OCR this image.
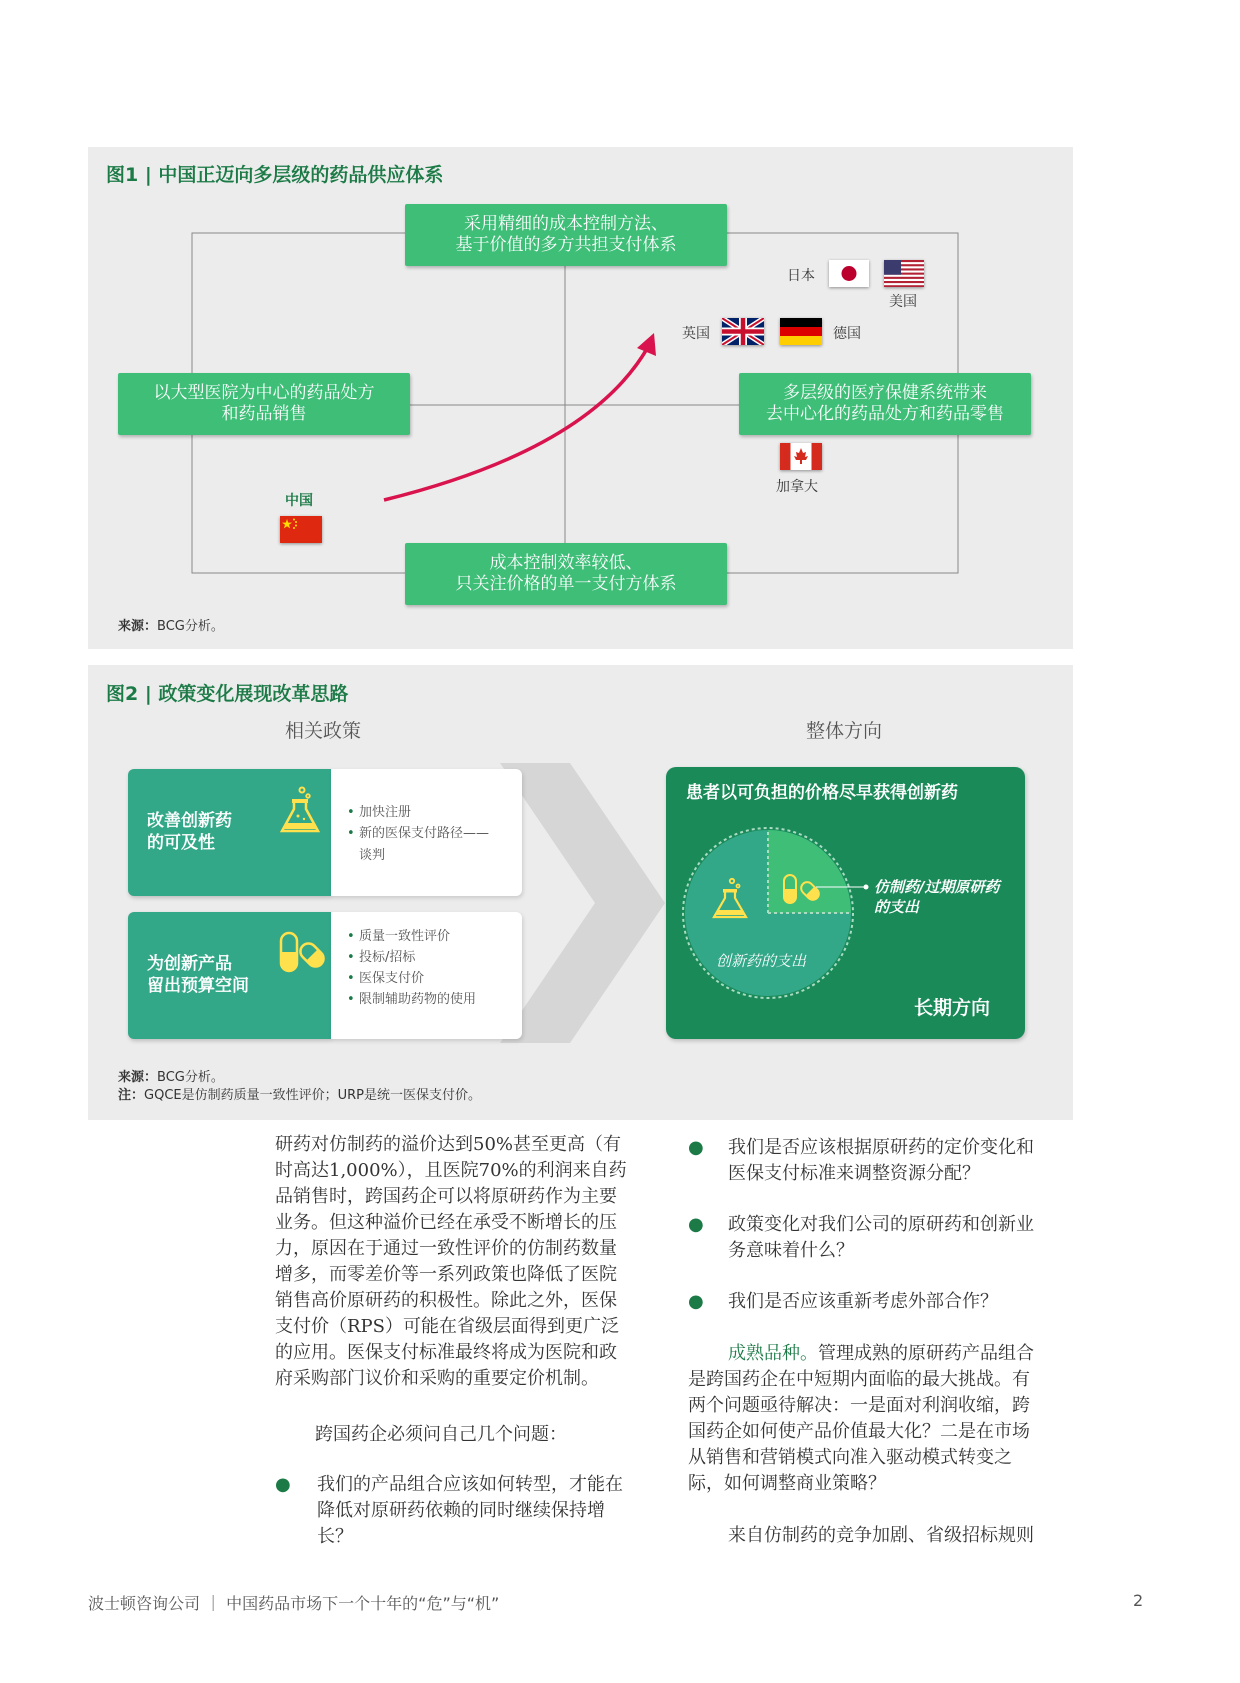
图1 | 中国正迈向多层级的药品供应体系
采用精细的成本控制方法、
基于价值的多方共担支付体系
以大型医院为中心的药品处方
和药品销售
多层级的医疗保健系统带来
去中心化的药品处方和药品零售
成本控制效率较低、
只关注价格的单一支付方体系
日本
美国
英国	德国
加拿大
中国
来源：BCG分析。
图2 | 政策变化展现改革思路
相关政策	整体方向
改善创新药
的可及性
• 加快注册
• 新的医保支付路径——
谈判
为创新产品
留出预算空间
• 质量一致性评价
• 投标/招标
• 医保支付价
• 限制辅助药物的使用
患者以可负担的价格尽早获得创新药
仿制药/过期原研药
的支出
创新药的支出
长期方向
来源：BCG分析。
注：GQCE是仿制药质量一致性评价；URP是统一医保支付价。
研药对仿制药的溢价达到50%甚至更高（有
时高达1,000%），且医院70%的利润来自药
品销售时，跨国药企可以将原研药作为主要
业务。但这种溢价已经在承受不断增长的压
力，原因在于通过一致性评价的仿制药数量
增多，而零差价等一系列政策也降低了医院
销售高价原研药的积极性。除此之外，医保
支付价（RPS）可能在省级层面得到更广泛
的应用。医保支付标准最终将成为医院和政
府采购部门议价和采购的重要定价机制。
跨国药企必须问自己几个问题：
● 我们的产品组合应该如何转型，才能在
降低对原研药依赖的同时继续保持增
长？
● 我们是否应该根据原研药的定价变化和
医保支付标准来调整资源分配？
● 政策变化对我们公司的原研药和创新业
务意味着什么？
● 我们是否应该重新考虑外部合作？
成熟品种。管理成熟的原研药产品组合
是跨国药企在中短期内面临的最大挑战。有
两个问题亟待解决：一是面对利润收缩，跨
国药企如何使产品价值最大化？二是在市场
从销售和营销模式向准入驱动模式转变之
际，如何调整商业策略？
来自仿制药的竞争加剧、省级招标规则
波士顿咨询公司 ｜ 中国药品市场下一个十年的“危”与“机”	2
